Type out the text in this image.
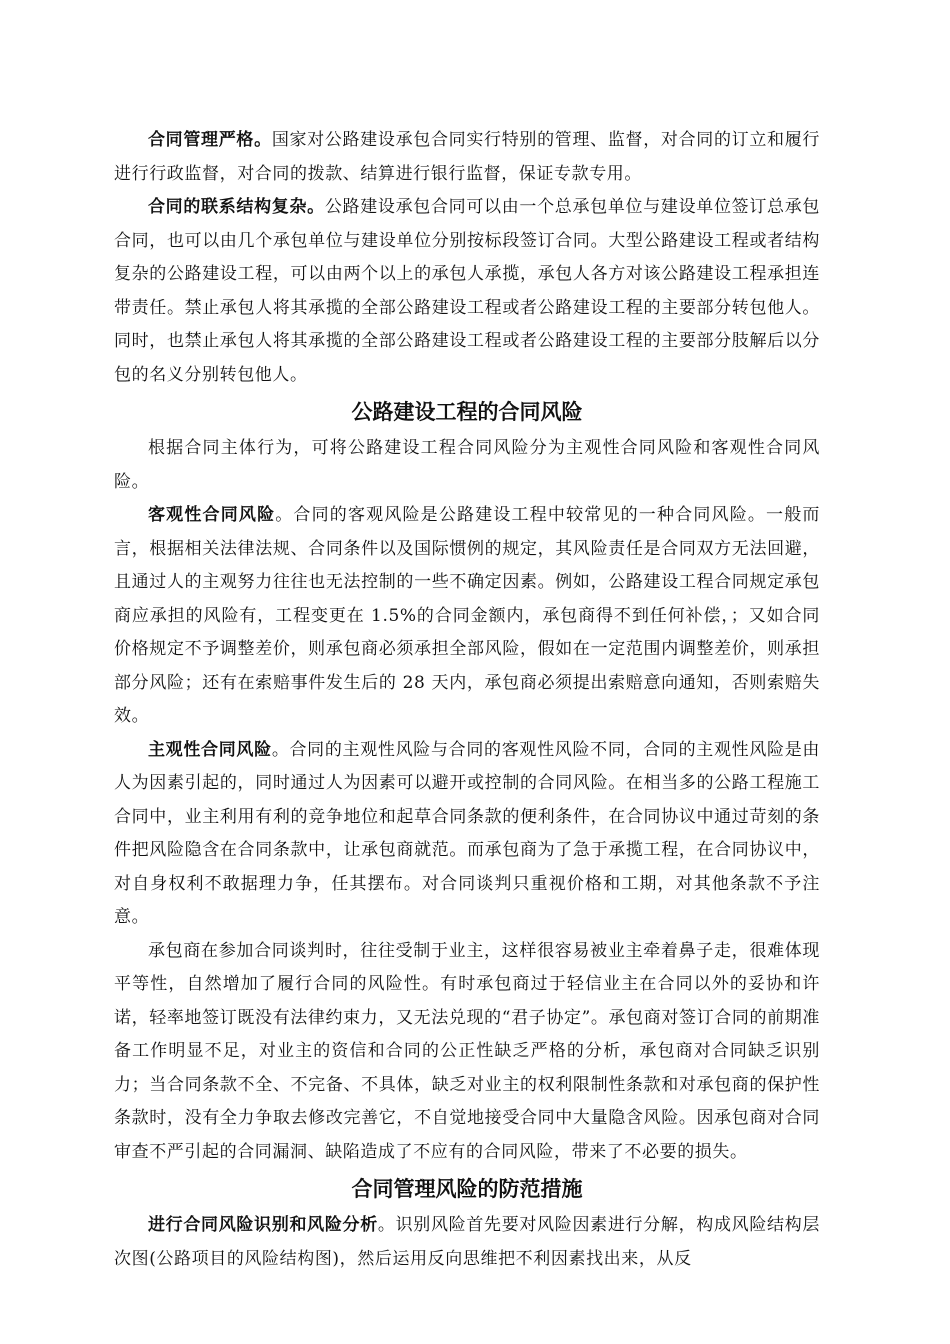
合同管理严格。国家对公路建设承包合同实行特别的管理、监督，对合同的订立和履行进行行政监督，对合同的拨款、结算进行银行监督，保证专款专用。

合同的联系结构复杂。公路建设承包合同可以由一个总承包单位与建设单位签订总承包合同，也可以由几个承包单位与建设单位分别按标段签订合同。大型公路建设工程或者结构复杂的公路建设工程，可以由两个以上的承包人承揽，承包人各方对该公路建设工程承担连带责任。禁止承包人将其承揽的全部公路建设工程或者公路建设工程的主要部分转包他人。同时，也禁止承包人将其承揽的全部公路建设工程或者公路建设工程的主要部分肢解后以分包的名义分别转包他人。

公路建设工程的合同风险

根据合同主体行为，可将公路建设工程合同风险分为主观性合同风险和客观性合同风险。

客观性合同风险。合同的客观风险是公路建设工程中较常见的一种合同风险。一般而言，根据相关法律法规、合同条件以及国际惯例的规定，其风险责任是合同双方无法回避，且通过人的主观努力往往也无法控制的一些不确定因素。例如，公路建设工程合同规定承包商应承担的风险有，工程变更在 1.5%的合同金额内，承包商得不到任何补偿，；又如合同价格规定不予调整差价，则承包商必须承担全部风险，假如在一定范围内调整差价，则承担部分风险；还有在索赔事件发生后的 28 天内，承包商必须提出索赔意向通知，否则索赔失效。

主观性合同风险。合同的主观性风险与合同的客观性风险不同，合同的主观性风险是由人为因素引起的，同时通过人为因素可以避开或控制的合同风险。在相当多的公路工程施工合同中，业主利用有利的竞争地位和起草合同条款的便利条件，在合同协议中通过苛刻的条件把风险隐含在合同条款中，让承包商就范。而承包商为了急于承揽工程，在合同协议中，对自身权利不敢据理力争，任其摆布。对合同谈判只重视价格和工期，对其他条款不予注意。

承包商在参加合同谈判时，往往受制于业主，这样很容易被业主牵着鼻子走，很难体现平等性，自然增加了履行合同的风险性。有时承包商过于轻信业主在合同以外的妥协和许诺，轻率地签订既没有法律约束力，又无法兑现的“君子协定”。承包商对签订合同的前期准备工作明显不足，对业主的资信和合同的公正性缺乏严格的分析，承包商对合同缺乏识别力；当合同条款不全、不完备、不具体，缺乏对业主的权利限制性条款和对承包商的保护性条款时，没有全力争取去修改完善它，不自觉地接受合同中大量隐含风险。因承包商对合同审查不严引起的合同漏洞、缺陷造成了不应有的合同风险，带来了不必要的损失。

合同管理风险的防范措施

进行合同风险识别和风险分析。识别风险首先要对风险因素进行分解，构成风险结构层次图(公路项目的风险结构图)，然后运用反向思维把不利因素找出来，从反
